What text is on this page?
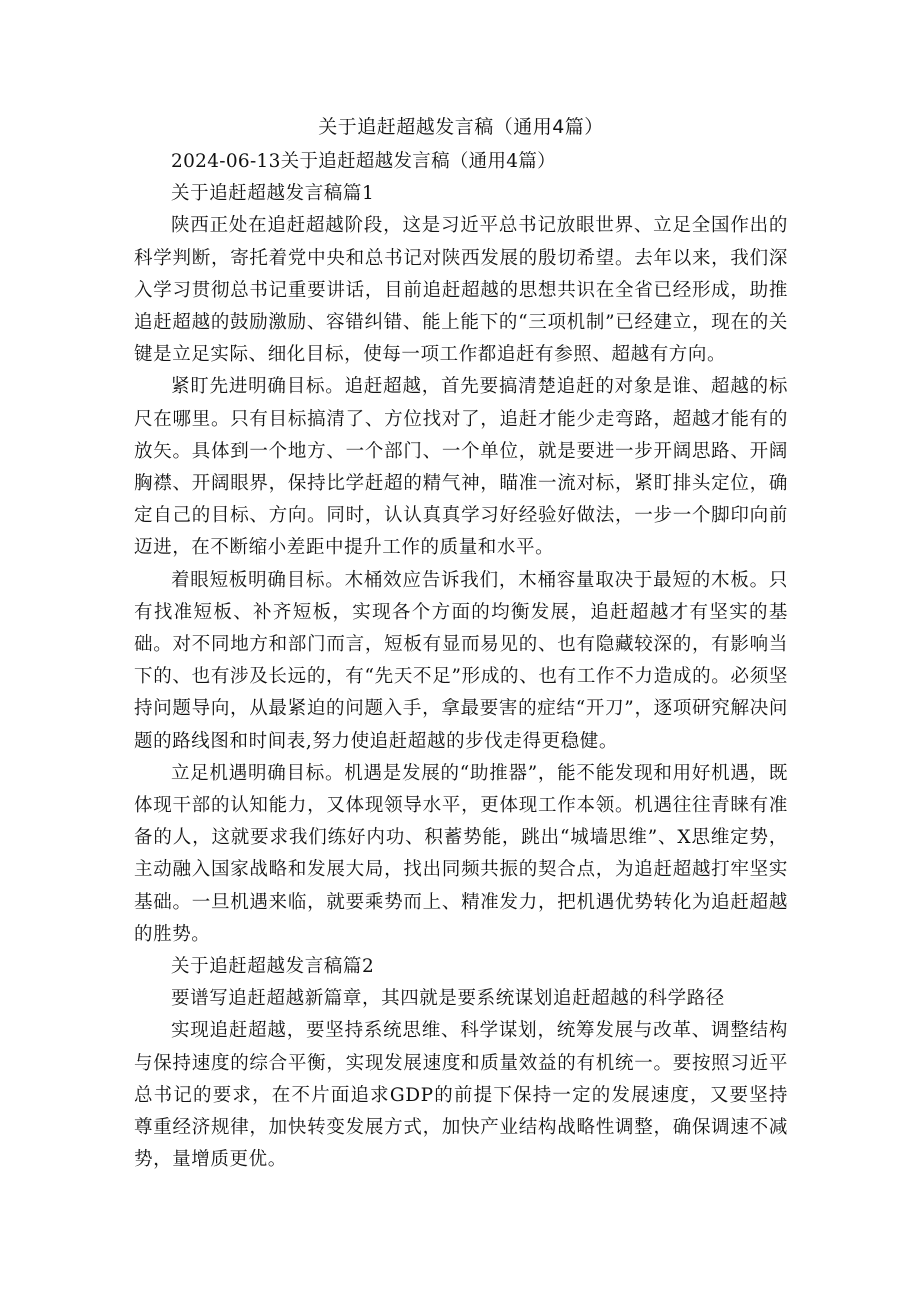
关于追赶超越发言稿（通用4篇）

2024-06-13关于追赶超越发言稿（通用4篇）

关于追赶超越发言稿篇1

陕西正处在追赶超越阶段，这是习近平总书记放眼世界、立足全国作出的科学判断，寄托着党中央和总书记对陕西发展的殷切希望。去年以来，我们深入学习贯彻总书记重要讲话，目前追赶超越的思想共识在全省已经形成，助推追赶超越的鼓励激励、容错纠错、能上能下的“三项机制”已经建立，现在的关键是立足实际、细化目标，使每一项工作都追赶有参照、超越有方向。

紧盯先进明确目标。追赶超越，首先要搞清楚追赶的对象是谁、超越的标尺在哪里。只有目标搞清了、方位找对了，追赶才能少走弯路，超越才能有的放矢。具体到一个地方、一个部门、一个单位，就是要进一步开阔思路、开阔胸襟、开阔眼界，保持比学赶超的精气神，瞄准一流对标，紧盯排头定位，确定自己的目标、方向。同时，认认真真学习好经验好做法，一步一个脚印向前迈进，在不断缩小差距中提升工作的质量和水平。

着眼短板明确目标。木桶效应告诉我们，木桶容量取决于最短的木板。只有找准短板、补齐短板，实现各个方面的均衡发展，追赶超越才有坚实的基础。对不同地方和部门而言，短板有显而易见的、也有隐藏较深的，有影响当下的、也有涉及长远的，有“先天不足”形成的、也有工作不力造成的。必须坚持问题导向，从最紧迫的问题入手，拿最要害的症结“开刀”，逐项研究解决问题的路线图和时间表,努力使追赶超越的步伐走得更稳健。

立足机遇明确目标。机遇是发展的“助推器”，能不能发现和用好机遇，既体现干部的认知能力，又体现领导水平，更体现工作本领。机遇往往青睐有准备的人，这就要求我们练好内功、积蓄势能，跳出“城墙思维”、X思维定势，主动融入国家战略和发展大局，找出同频共振的契合点，为追赶超越打牢坚实基础。一旦机遇来临，就要乘势而上、精准发力，把机遇优势转化为追赶超越的胜势。

关于追赶超越发言稿篇2

要谱写追赶超越新篇章，其四就是要系统谋划追赶超越的科学路径

实现追赶超越，要坚持系统思维、科学谋划，统筹发展与改革、调整结构与保持速度的综合平衡，实现发展速度和质量效益的有机统一。要按照习近平总书记的要求，在不片面追求GDP的前提下保持一定的发展速度，又要坚持尊重经济规律，加快转变发展方式，加快产业结构战略性调整，确保调速不减势，量增质更优。
